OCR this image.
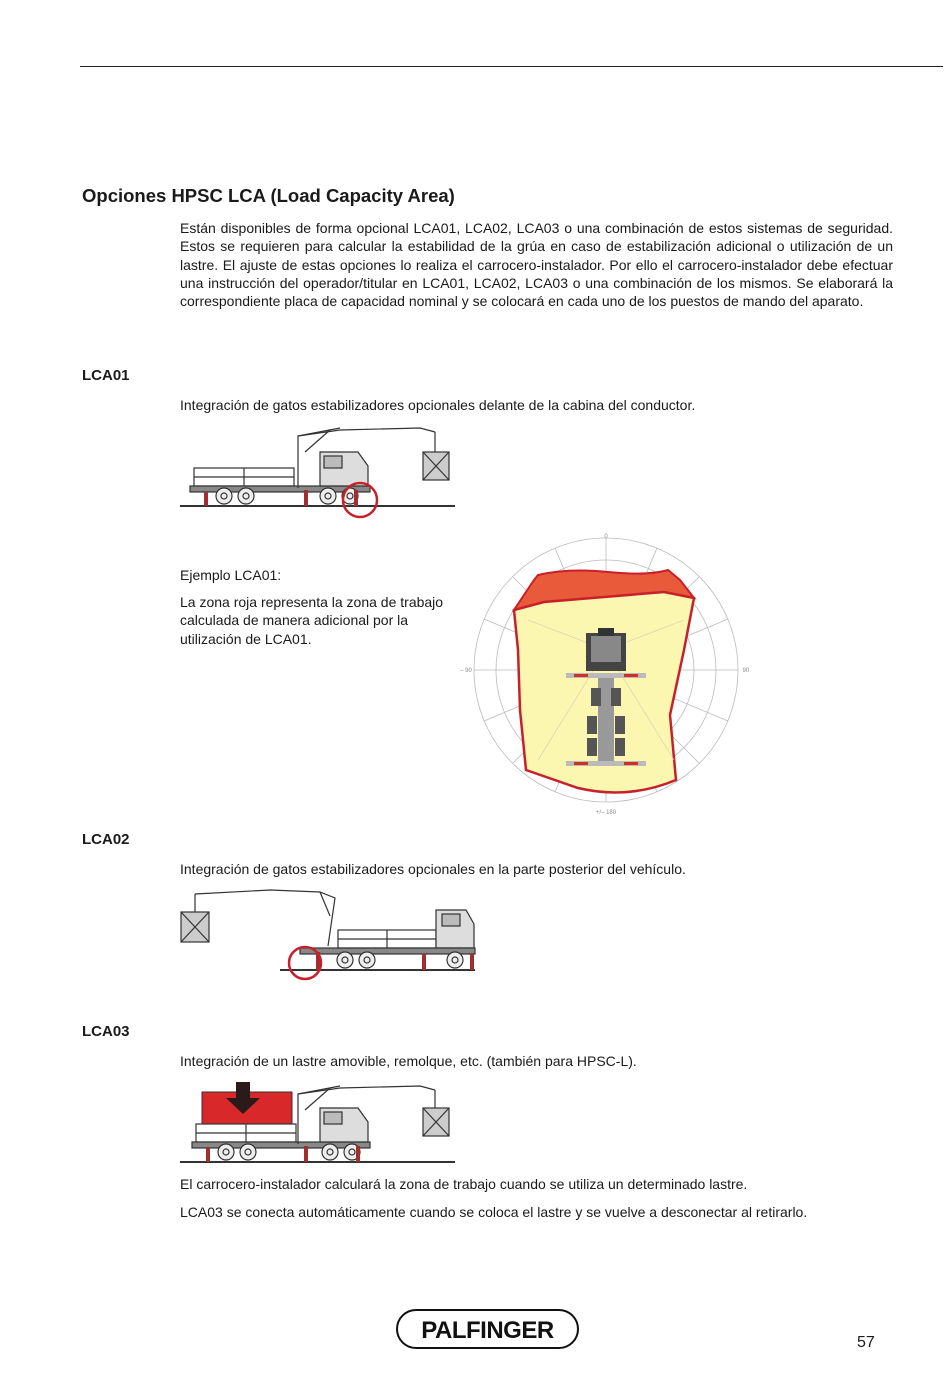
Opciones HPSC LCA (Load Capacity Area)

Están disponibles de forma opcional LCA01, LCA02, LCA03 o una combinación de estos sistemas de seguridad. Estos se requieren para calcular la estabilidad de la grúa en caso de estabilización adicional o utilización de un lastre. El ajuste de estas opciones lo realiza el carrocero-instalador. Por ello el carrocero-instalador debe efectuar una instrucción del operador/titular en LCA01, LCA02, LCA03 o una combinación de los mismos. Se elaborará la correspondiente placa de capacidad nominal y se colocará en cada uno de los puestos de mando del aparato.

LCA01

Integración de gatos estabilizadores opcionales delante de la cabina del conductor.

Ejemplo LCA01:

La zona roja representa la zona de trabajo calculada de manera adicional por la utilización de LCA01.

0
– 90	90
+/– 180
LCA02

Integración de gatos estabilizadores opcionales en la parte posterior del vehículo.

LCA03

Integración de un lastre amovible, remolque, etc. (también para HPSC-L).

El carrocero-instalador calculará la zona de trabajo cuando se utiliza un determinado lastre.

LCA03 se conecta automáticamente cuando se coloca el lastre y se vuelve a desconectar al retirarlo.

PALFINGER	57
